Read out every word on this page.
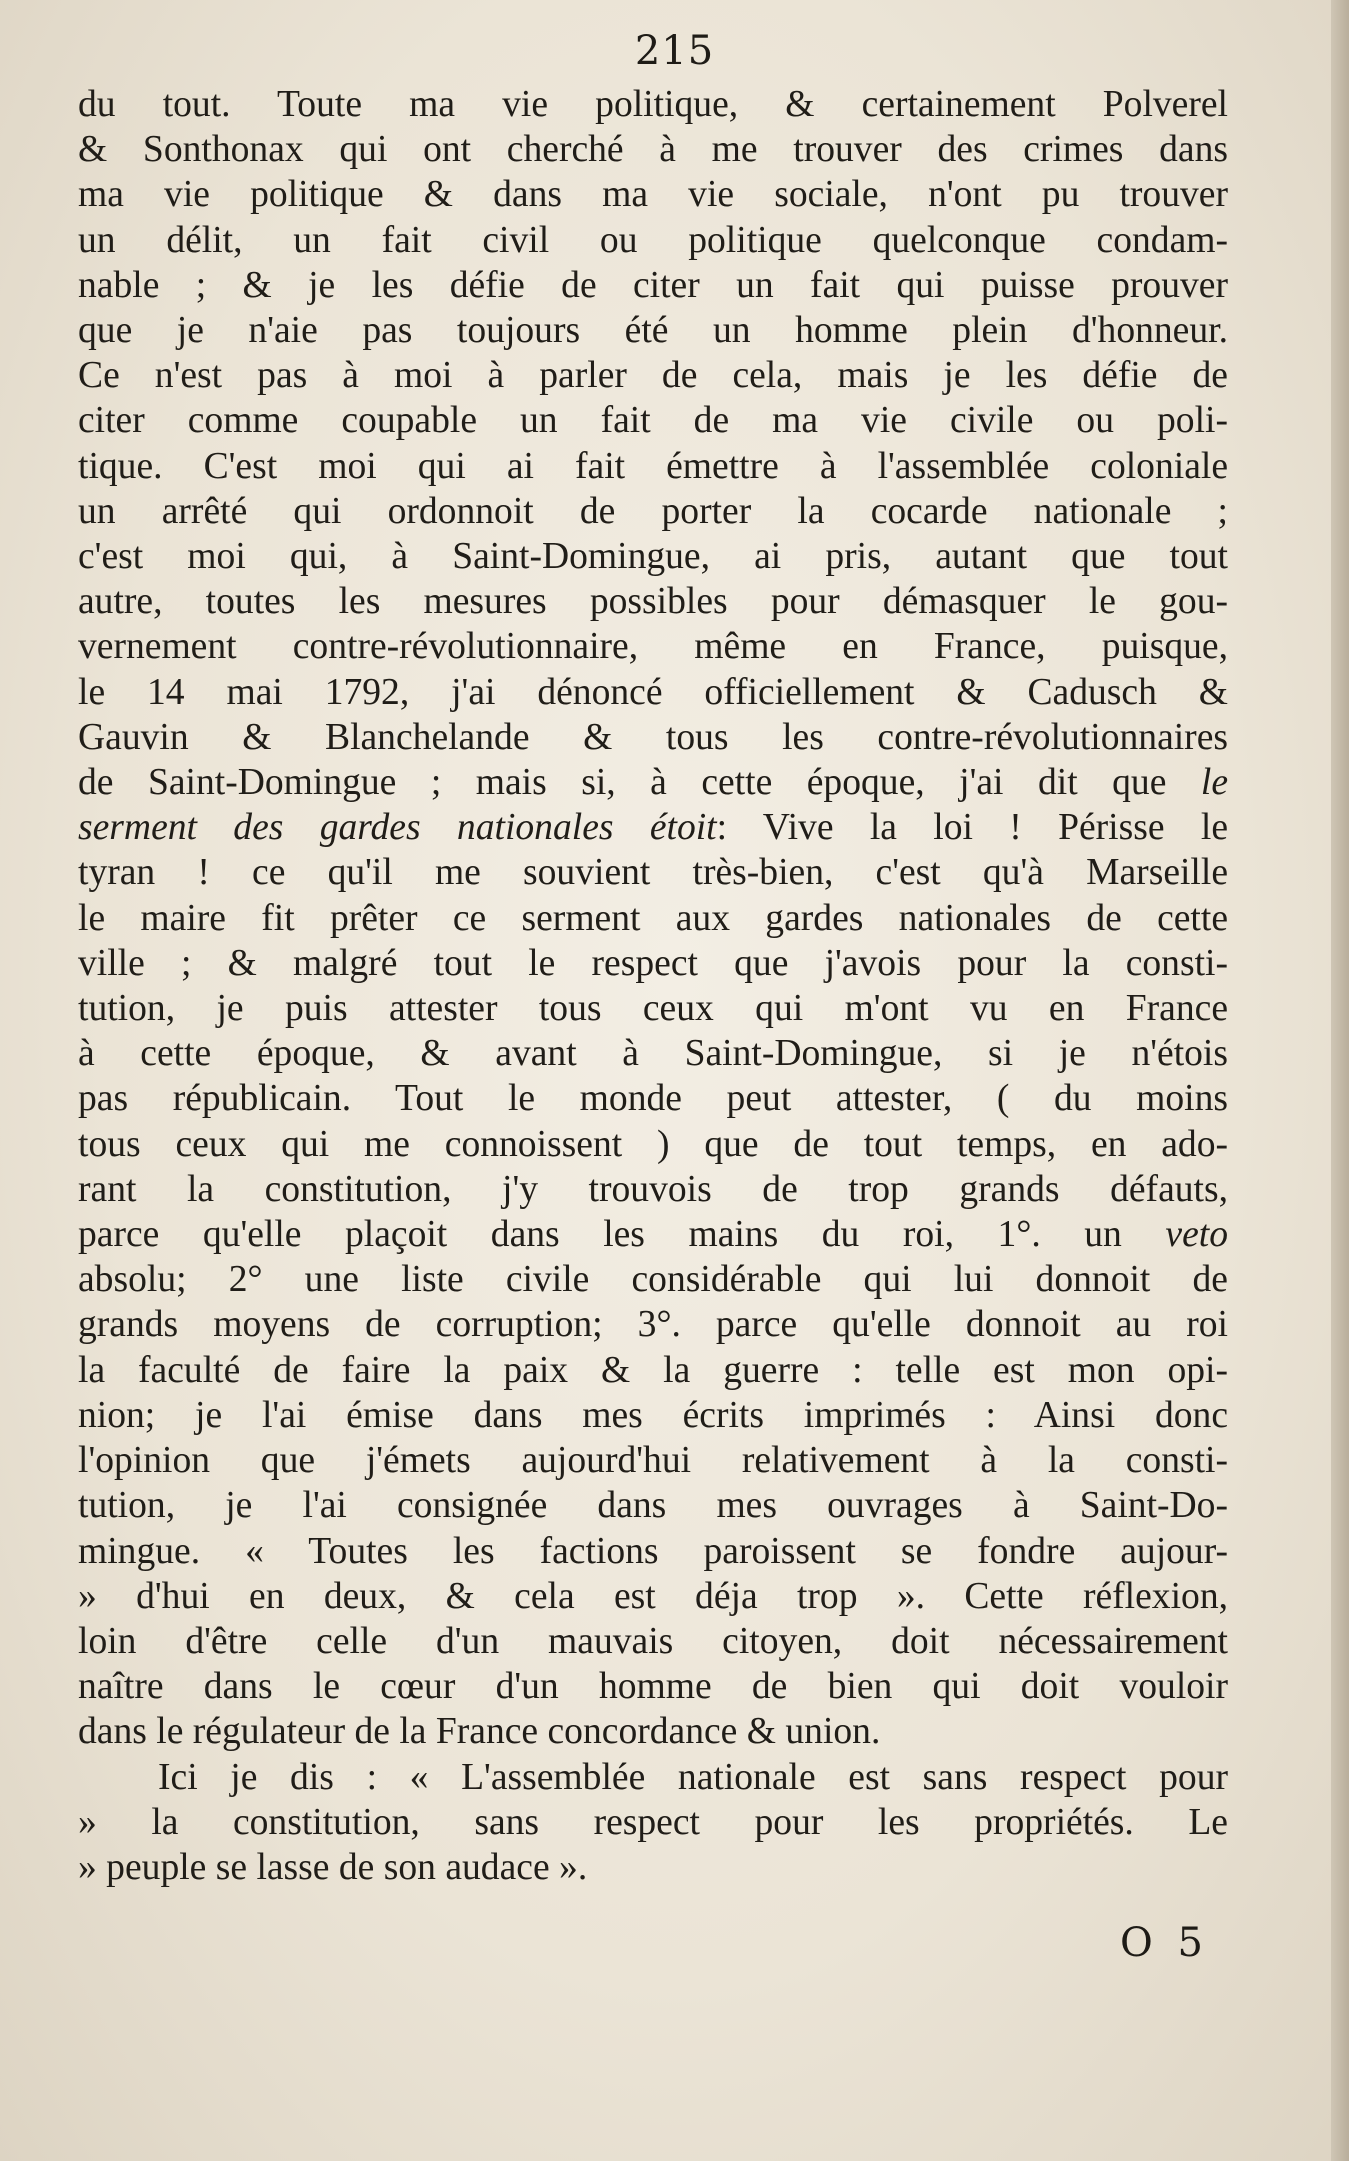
215
du tout. Toute ma vie politique, & certainement Polverel
& Sonthonax qui ont cherché à me trouver des crimes dans
ma vie politique & dans ma vie sociale, n'ont pu trouver
un délit, un fait civil ou politique quelconque condam-
nable ; & je les défie de citer un fait qui puisse prouver
que je n'aie pas toujours été un homme plein d'honneur.
Ce n'est pas à moi à parler de cela, mais je les défie de
citer comme coupable un fait de ma vie civile ou poli-
tique. C'est moi qui ai fait émettre à l'assemblée coloniale
un arrêté qui ordonnoit de porter la cocarde nationale ;
c'est moi qui, à Saint-Domingue, ai pris, autant que tout
autre, toutes les mesures possibles pour démasquer le gou-
vernement contre-révolutionnaire, même en France, puisque,
le 14 mai 1792, j'ai dénoncé officiellement & Cadusch &
Gauvin & Blanchelande & tous les contre-révolutionnaires
de Saint-Domingue ; mais si, à cette époque, j'ai dit que le
serment des gardes nationales étoit: Vive la loi ! Périsse le
tyran ! ce qu'il me souvient très-bien, c'est qu'à Marseille
le maire fit prêter ce serment aux gardes nationales de cette
ville ; & malgré tout le respect que j'avois pour la consti-
tution, je puis attester tous ceux qui m'ont vu en France
à cette époque, & avant à Saint-Domingue, si je n'étois
pas républicain. Tout le monde peut attester, ( du moins
tous ceux qui me connoissent ) que de tout temps, en ado-
rant la constitution, j'y trouvois de trop grands défauts,
parce qu'elle plaçoit dans les mains du roi, 1°. un veto
absolu; 2° une liste civile considérable qui lui donnoit de
grands moyens de corruption; 3°. parce qu'elle donnoit au roi
la faculté de faire la paix & la guerre : telle est mon opi-
nion; je l'ai émise dans mes écrits imprimés : Ainsi donc
l'opinion que j'émets aujourd'hui relativement à la consti-
tution, je l'ai consignée dans mes ouvrages à Saint-Do-
mingue. « Toutes les factions paroissent se fondre aujour-
» d'hui en deux, & cela est déja trop ». Cette réflexion,
loin d'être celle d'un mauvais citoyen, doit nécessairement
naître dans le cœur d'un homme de bien qui doit vouloir
dans le régulateur de la France concordance & union.
Ici je dis : « L'assemblée nationale est sans respect pour
» la constitution, sans respect pour les propriétés. Le
» peuple se lasse de son audace ».
O 5
